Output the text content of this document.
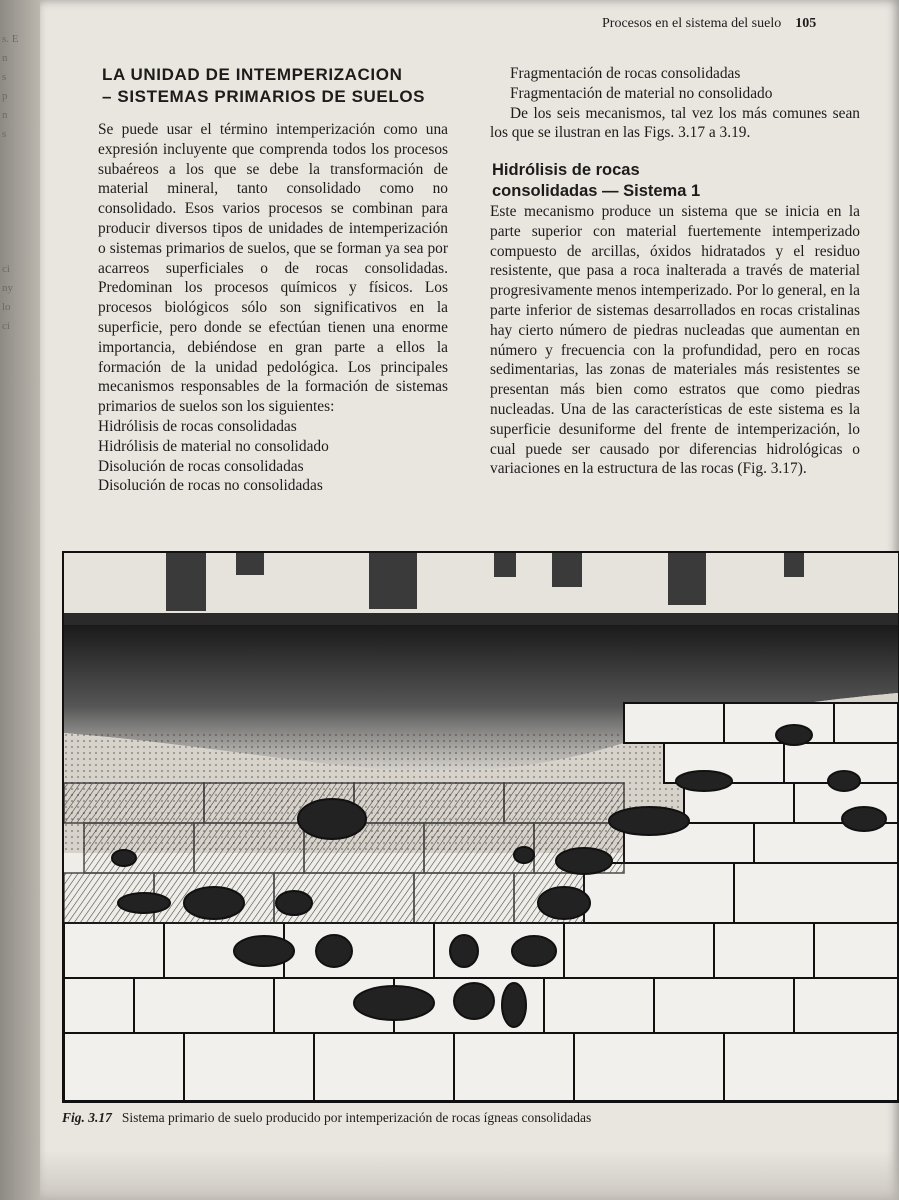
s. E
n
s
p
n
s
ci
ny
lo
ci
Procesos en el sistema del suelo 105
LA UNIDAD DE INTEMPERIZACION
– SISTEMAS PRIMARIOS DE SUELOS

Se puede usar el término intemperización como una expresión incluyente que comprenda todos los procesos subaéreos a los que se debe la transformación de material mineral, tanto consolidado como no consolidado. Esos varios procesos se combinan para producir diversos tipos de unidades de intemperización o sistemas primarios de suelos, que se forman ya sea por acarreos superficiales o de rocas consolidadas. Predominan los procesos químicos y físicos. Los procesos biológicos sólo son significativos en la superficie, pero donde se efectúan tienen una enorme importancia, debiéndose en gran parte a ellos la formación de la unidad pedológica. Los principales mecanismos responsables de la formación de sistemas primarios de suelos son los siguientes:

Hidrólisis de rocas consolidadas
Hidrólisis de material no consolidado
Disolución de rocas consolidadas
Disolución de rocas no consolidadas
Fragmentación de rocas consolidadas
Fragmentación de material no consolidado

De los seis mecanismos, tal vez los más comunes sean los que se ilustran en las Figs. 3.17 a 3.19.

Hidrólisis de rocas
consolidadas — Sistema 1

Este mecanismo produce un sistema que se inicia en la parte superior con material fuertemente intemperizado compuesto de arcillas, óxidos hidratados y el residuo resistente, que pasa a roca inalterada a través de material progresivamente menos intemperizado. Por lo general, en la parte inferior de sistemas desarrollados en rocas cristalinas hay cierto número de piedras nucleadas que aumentan en número y frecuencia con la profundidad, pero en rocas sedimentarias, las zonas de materiales más resistentes se presentan más bien como estratos que como piedras nucleadas. Una de las características de este sistema es la superficie desuniforme del frente de intemperización, lo cual puede ser causado por diferencias hidrológicas o variaciones en la estructura de las rocas (Fig. 3.17).

Fig. 3.17 Sistema primario de suelo producido por intemperización de rocas ígneas consolidadas
